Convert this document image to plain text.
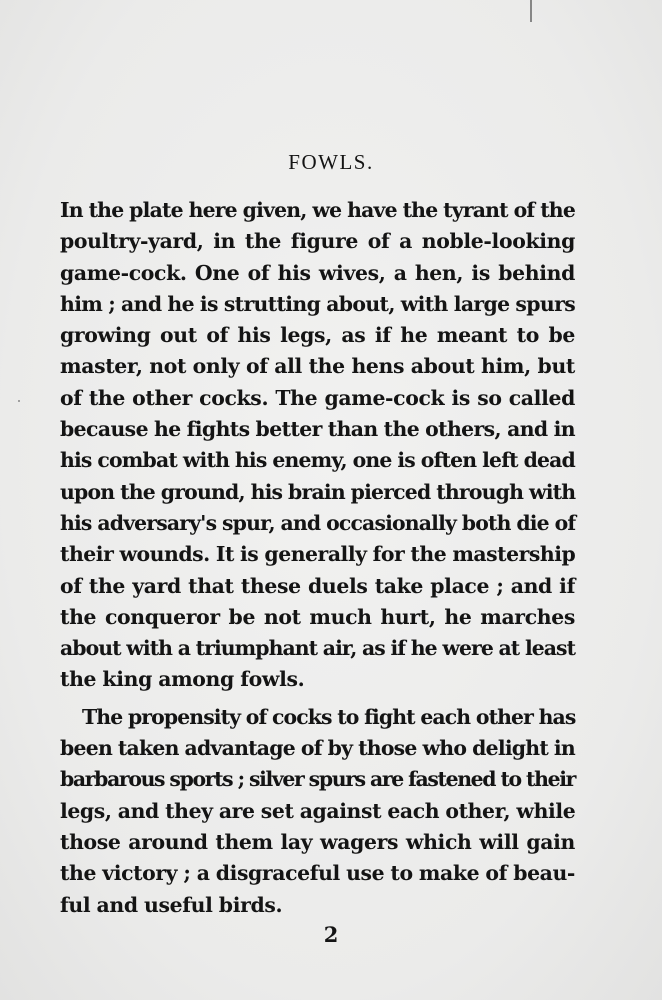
FOWLS.
In the plate here given, we have the tyrant of the
poultry-yard, in the figure of a noble-looking
game-cock. One of his wives, a hen, is behind
him ; and he is strutting about, with large spurs
growing out of his legs, as if he meant to be
master, not only of all the hens about him, but
of the other cocks. The game-cock is so called
because he fights better than the others, and in
his combat with his enemy, one is often left dead
upon the ground, his brain pierced through with
his adversary's spur, and occasionally both die of
their wounds. It is generally for the mastership
of the yard that these duels take place ; and if
the conqueror be not much hurt, he marches
about with a triumphant air, as if he were at least
the king among fowls.
The propensity of cocks to fight each other has
been taken advantage of by those who delight in
barbarous sports ; silver spurs are fastened to their
legs, and they are set against each other, while
those around them lay wagers which will gain
the victory ; a disgraceful use to make of beau-
ful and useful birds.
2
